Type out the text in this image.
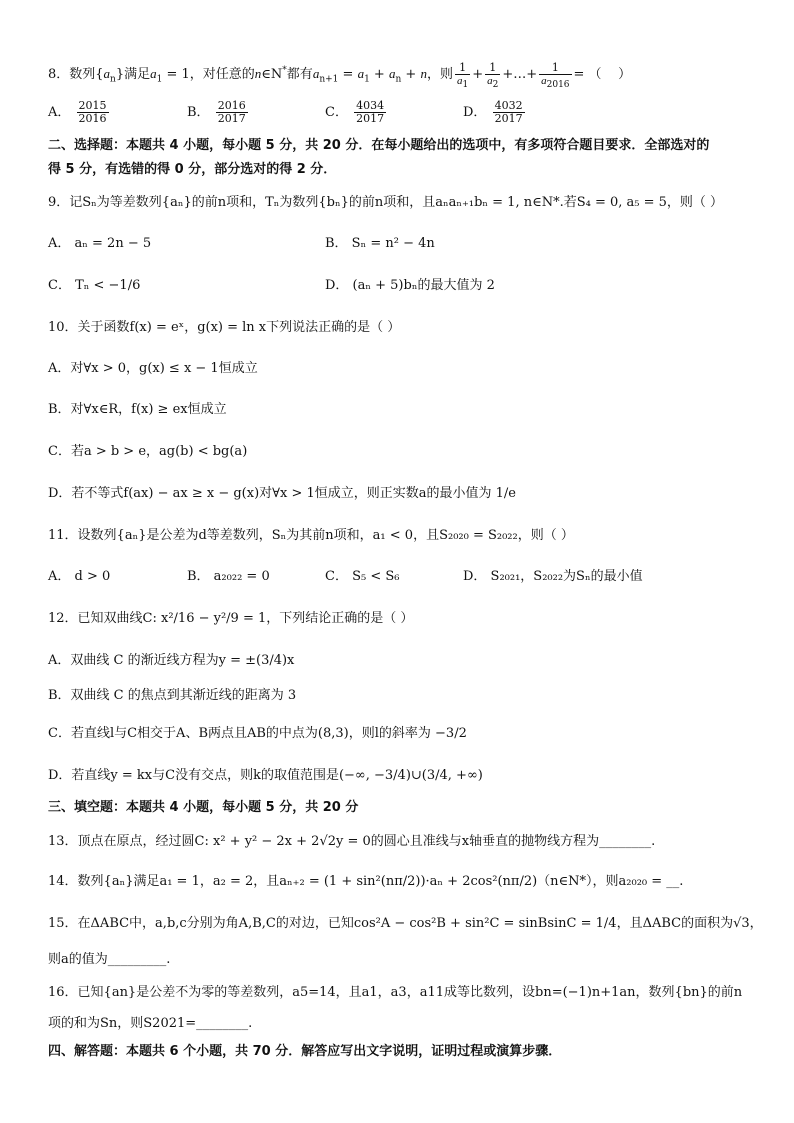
8．数列$\{a_n\}$满足$a_1 = 1$，对任意的n∈N*都有$a_{n+1} = a_1 + a_n + n$，则 $\frac{1}{a_1} + \frac{1}{a_2}$ +…+ $\frac{1}{a_{2016}}$ = （    ）
A． $\frac{2015}{2016}$	B． $\frac{2016}{2017}$	C． $\frac{4034}{2017}$	D． $\frac{4032}{2017}$
二、选择题：本题共 4 小题，每小题 5 分，共 20 分．在每小题给出的选项中，有多项符合题目要求．全部选对的
得 5 分，有选错的得 0 分，部分选对的得 2 分．
9．记Sₙ为等差数列{aₙ}的前n项和，Tₙ为数列{bₙ}的前n项和，且aₙaₙ₊₁bₙ = 1, n∈N*.若S₄ = 0, a₅ = 5，则（ ）
A． aₙ = 2n − 5	B． Sₙ = n² − 4n
C． Tₙ < −1/6	D． (aₙ + 5)bₙ的最大值为 2
10．关于函数f(x) = eˣ，g(x) = ln x下列说法正确的是（ ）
A．对∀x > 0，g(x) ≤ x − 1恒成立
B．对∀x∈R，f(x) ≥ ex恒成立
C．若a > b > e，ag(b) < bg(a)
D．若不等式f(ax) − ax ≥ x − g(x)对∀x > 1恒成立，则正实数a的最小值为 1/e
11．设数列{aₙ}是公差为d等差数列，Sₙ为其前n项和，a₁ < 0，且S₂₀₂₀ = S₂₀₂₂，则（ ）
A． d > 0	B． a₂₀₂₂ = 0	C． S₅ < S₆	D． S₂₀₂₁，S₂₀₂₂为Sₙ的最小值
12．已知双曲线C: x²/16 − y²/9 = 1，下列结论正确的是（ ）
A．双曲线 C 的渐近线方程为y = ±(3/4)x
B．双曲线 C 的焦点到其渐近线的距离为 3
C．若直线l与C相交于A、B两点且AB的中点为(8,3)，则l的斜率为 −3/2
D．若直线y = kx与C没有交点，则k的取值范围是(−∞, −3/4)∪(3/4, +∞)
三、填空题：本题共 4 小题，每小题 5 分，共 20 分
13．顶点在原点，经过圆C: x² + y² − 2x + 2√2y = 0的圆心且准线与x轴垂直的抛物线方程为________.
14．数列{aₙ}满足a₁ = 1，a₂ = 2，且aₙ₊₂ = (1 + sin²(nπ/2))·aₙ + 2cos²(nπ/2)（n∈N*），则a₂₀₂₀ = __.
15．在ΔABC中，a,b,c分别为角A,B,C的对边，已知cos²A − cos²B + sin²C = sinBsinC = 1/4，且ΔABC的面积为√3，
则a的值为_________.
16．已知{an}是公差不为零的等差数列，a5=14，且a1，a3，a11成等比数列，设bn=(−1)n+1an，数列{bn}的前n
项的和为Sn，则S2021=________.
四、解答题：本题共 6 个小题，共 70 分．解答应写出文字说明，证明过程或演算步骤．
